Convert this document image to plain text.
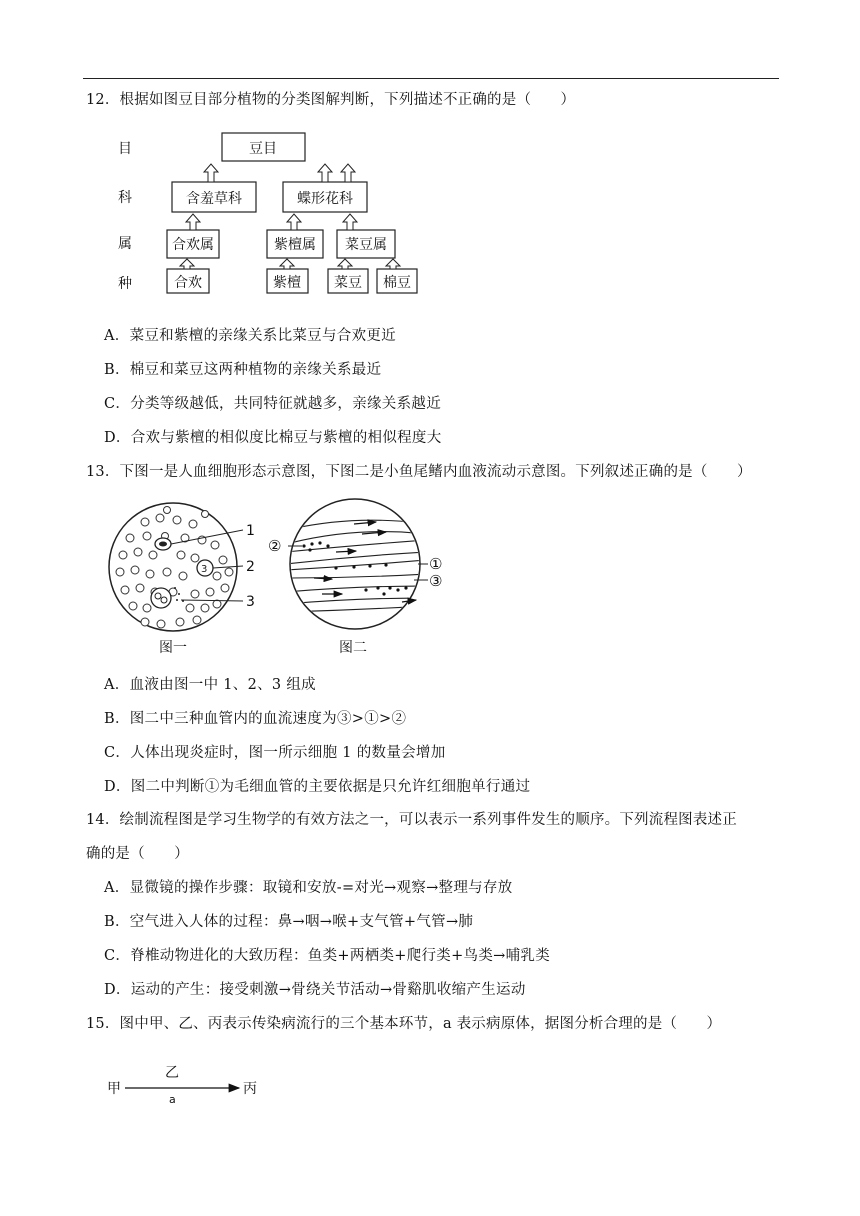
12．根据如图豆目部分植物的分类图解判断，下列描述不正确的是（　　）
目
科
属
种
豆目
含羞草科	蝶形花科
合欢属	紫檀属 菜豆属
合欢	紫檀 菜豆 棉豆
A．菜豆和紫檀的亲缘关系比菜豆与合欢更近
B．棉豆和菜豆这两种植物的亲缘关系最近
C．分类等级越低，共同特征就越多，亲缘关系越近
D．合欢与紫檀的相似度比棉豆与紫檀的相似程度大
13．下图一是人血细胞形态示意图，下图二是小鱼尾鳍内血液流动示意图。下列叙述正确的是（　　）
3
1
2
3
图一
②
①
③
图二
A．血液由图一中 1、2、3 组成
B．图二中三种血管内的血流速度为③>①>②
C．人体出现炎症时，图一所示细胞 1 的数量会增加
D．图二中判断①为毛细血管的主要依据是只允许红细胞单行通过
14．绘制流程图是学习生物学的有效方法之一，可以表示一系列事件发生的顺序。下列流程图表述正
确的是（　　）
A．显微镜的操作步骤：取镜和安放-=对光→观察→整理与存放
B．空气进入人体的过程：鼻→咽→喉+支气管+气管→肺
C．脊椎动物进化的大致历程：鱼类+两栖类+爬行类+鸟类→哺乳类
D．运动的产生：接受刺激→骨绕关节活动→骨谿肌收缩产生运动
15．图中甲、乙、丙表示传染病流行的三个基本环节，a 表示病原体，据图分析合理的是（　　）
甲
乙
a
丙
